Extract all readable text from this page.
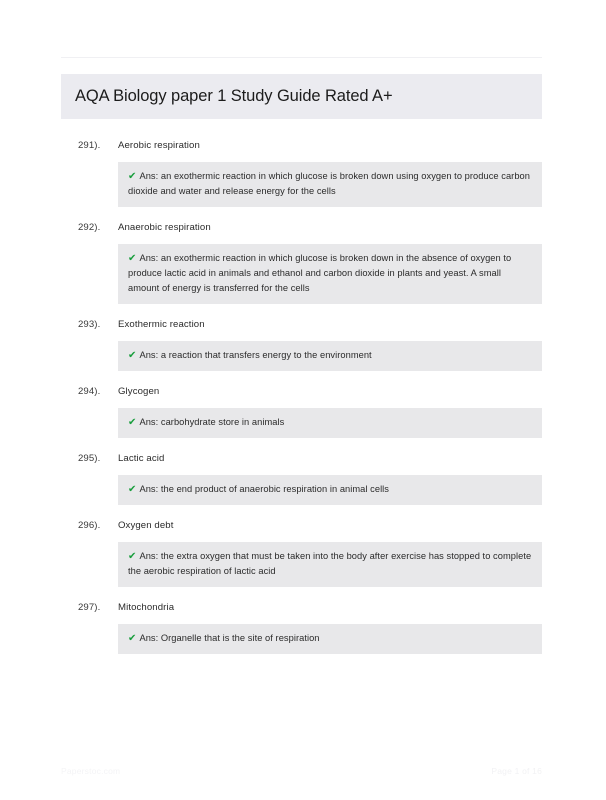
AQA Biology paper 1 Study Guide Rated A+
291).	Aerobic respiration
✔ Ans: an exothermic reaction in which glucose is broken down using oxygen to produce carbon dioxide and water and release energy for the cells
292).	Anaerobic respiration
✔ Ans: an exothermic reaction in which glucose is broken down in the absence of oxygen to produce lactic acid in animals and ethanol and carbon dioxide in plants and yeast. A small amount of energy is transferred for the cells
293).	Exothermic reaction
✔ Ans: a reaction that transfers energy to the environment
294).	Glycogen
✔ Ans: carbohydrate store in animals
295).	Lactic acid
✔ Ans: the end product of anaerobic respiration in animal cells
296).	Oxygen debt
✔ Ans: the extra oxygen that must be taken into the body after exercise has stopped to complete the aerobic respiration of lactic acid
297).	Mitochondria
✔ Ans: Organelle that is the site of respiration
Paperstoc.com	Page 1 of 16
